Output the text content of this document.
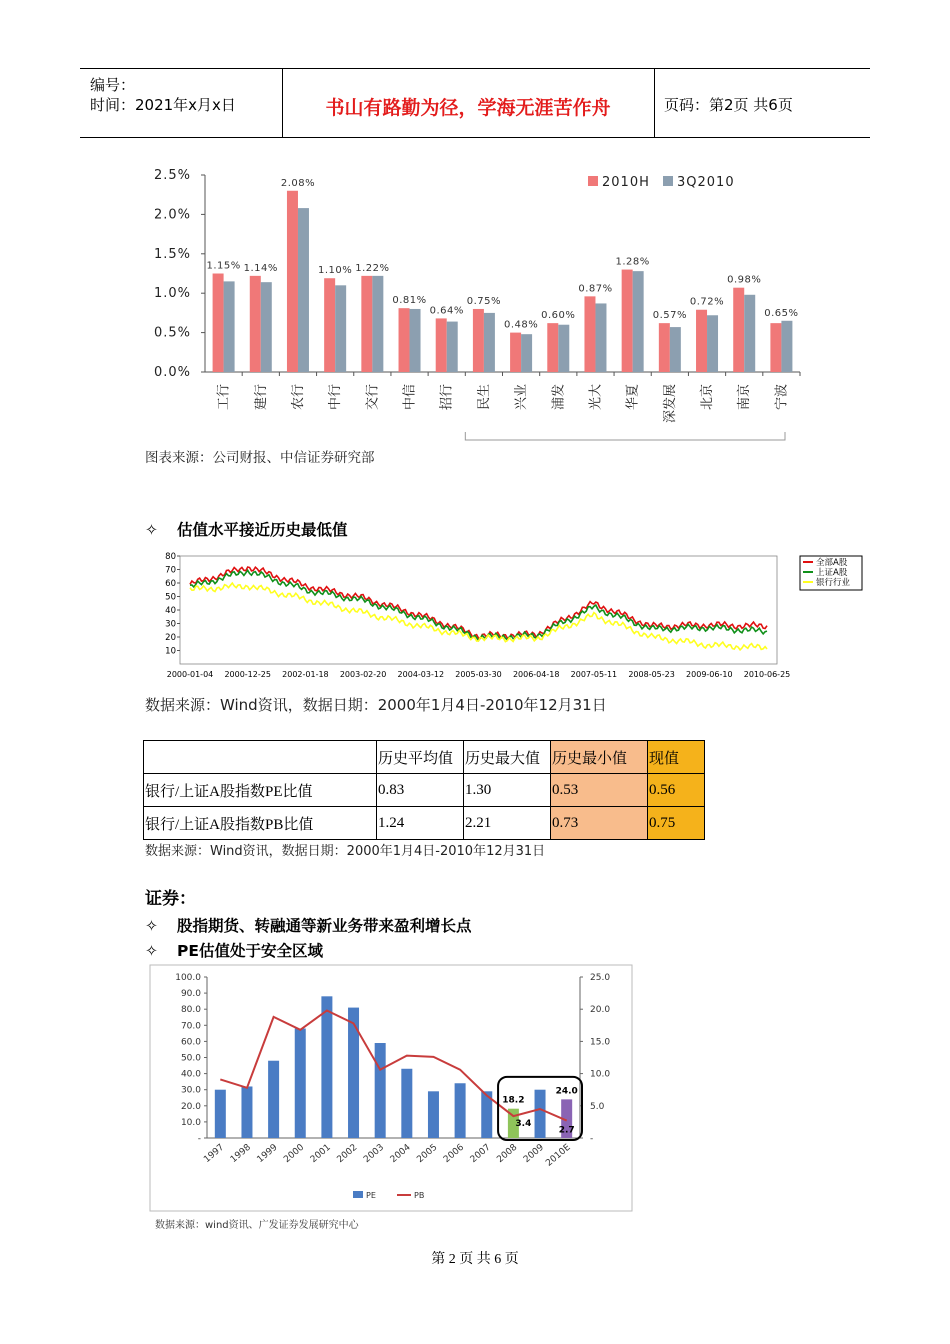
编号：
时间：2021年x月x日	书山有路勤为径，学海无涯苦作舟	页码：第2页 共6页
0.0%
0.5%
1.0%
1.5%
2.0%
2.5%
1.15%
工行
1.14%
建行
2.08%
农行
1.10%
中行
1.22%
交行
0.81%
中信
0.64%
招行
0.75%
民生
0.48%
兴业
0.60%
浦发
0.87%
光大
1.28%
华夏
0.57%
深发展
0.72%
北京
0.98%
南京
0.65%
宁波
2010H 3Q2010
图表来源：公司财报、中信证券研究部
✧ 估值水平接近历史最低值
10
20
30
40
50
60
70
80
2000-01-04 2000-12-25 2002-01-18 2003-02-20 2004-03-12 2005-03-30 2006-04-18 2007-05-11 2008-05-23 2009-06-10 2010-06-25
全部A股
上证A股
银行行业
数据来源：Wind资讯，数据日期：2000年1月4日-2010年12月31日
	历史平均值	历史最大值	历史最小值	现值
银行/上证A股指数PE比值	0.83	1.30	0.53	0.56
银行/上证A股指数PB比值	1.24	2.21	0.73	0.75
数据来源：Wind资讯，数据日期：2000年1月4日-2010年12月31日
证券：
✧ 股指期货、转融通等新业务带来盈利增长点
✧ PE估值处于安全区域
-
10.0
20.0
30.0
40.0
50.0
60.0
70.0
80.0
90.0
100.0
-
5.0
10.0
15.0
20.0
25.0
1997 1998 1999 2000 2001 2002 2003 2004 2005 2006 2007 2008 2009
2010E
18.2
24.0
3.4
2.7
PE	PB
数据来源：wind资讯、广发证券发展研究中心
第 2 页 共 6 页
